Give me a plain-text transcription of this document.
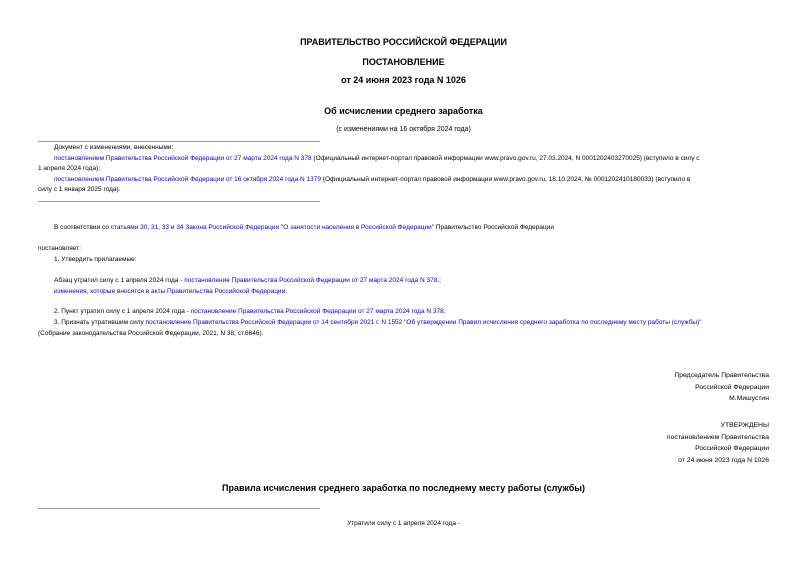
ПРАВИТЕЛЬСТВО РОССИЙСКОЙ ФЕДЕРАЦИИ
ПОСТАНОВЛЕНИЕ
от 24 июня 2023 года N 1026
Об исчислении среднего заработка
(с изменениями на 16 октября 2024 года)
Документ с изменениями, внесенными:
постановлением Правительства Российской Федерации от 27 марта 2024 года N 378 (Официальный интернет-портал правовой информации www.pravo.gov.ru, 27.03.2024, N 0001202403270025) (вступило в силу с
1 апреля 2024 года);
постановлением Правительства Российской Федерации от 16 октября 2024 года N 1379 (Официальный интернет-портал правовой информации www.pravo.gov.ru, 18.10.2024, № 0001202410180033) (вступило в
силу с 1 января 2025 года).
В соответствии со статьями 30, 31, 33 и 34 Закона Российской Федерации "О занятости населения в Российской Федерации" Правительство Российской Федерации
постановляет:
1. Утвердить прилагаемые:
Абзац утратил силу с 1 апреля 2024 года - постановление Правительства Российской Федерации от 27 марта 2024 года N 378.;
изменения, которые вносятся в акты Правительства Российской Федерации.
2. Пункт утратил силу с 1 апреля 2024 года - постановление Правительства Российской Федерации от 27 марта 2024 года N 378.
3. Признать утратившим силу постановление Правительства Российской Федерации от 14 сентября 2021 г. N 1552 "Об утверждении Правил исчисления среднего заработка по последнему месту работы (службы)"
(Собрание законодательства Российской Федерации, 2021, N 38, ст.6646).
Председатель Правительства
Российской Федерации
М.Мишустин
УТВЕРЖДЕНЫ
постановлением Правительства
Российской Федерации
от 24 июня 2023 года N 1026
Правила исчисления среднего заработка по последнему месту работы (службы)
Утратили силу с 1 апреля 2024 года -
